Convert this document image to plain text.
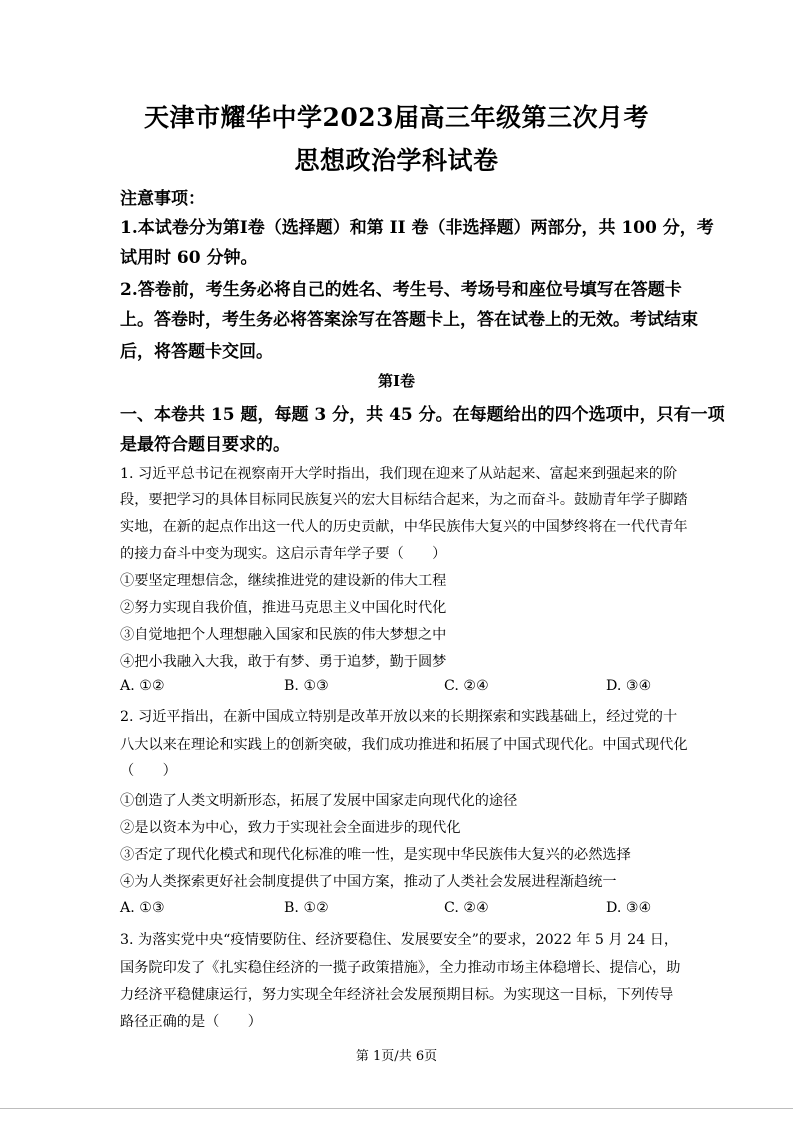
天津市耀华中学2023届高三年级第三次月考
思想政治学科试卷
注意事项：
1.本试卷分为第Ⅰ卷（选择题）和第 II 卷（非选择题）两部分，共 100 分，考
试用时 60 分钟。
2.答卷前，考生务必将自己的姓名、考生号、考场号和座位号填写在答题卡
上。答卷时，考生务必将答案涂写在答题卡上，答在试卷上的无效。考试结束
后，将答题卡交回。
第Ⅰ卷
一、本卷共 15 题，每题 3 分，共 45 分。在每题给出的四个选项中，只有一项
是最符合题目要求的。
1. 习近平总书记在视察南开大学时指出，我们现在迎来了从站起来、富起来到强起来的阶
段，要把学习的具体目标同民族复兴的宏大目标结合起来，为之而奋斗。鼓励青年学子脚踏
实地，在新的起点作出这一代人的历史贡献，中华民族伟大复兴的中国梦终将在一代代青年
的接力奋斗中变为现实。这启示青年学子要（　　）
①要坚定理想信念，继续推进党的建设新的伟大工程
②努力实现自我价值，推进马克思主义中国化时代化
③自觉地把个人理想融入国家和民族的伟大梦想之中
④把小我融入大我，敢于有梦、勇于追梦，勤于圆梦
A. ①②	B. ①③	C. ②④	D. ③④
2. 习近平指出，在新中国成立特别是改革开放以来的长期探索和实践基础上，经过党的十
八大以来在理论和实践上的创新突破，我们成功推进和拓展了中国式现代化。中国式现代化
（　　）
①创造了人类文明新形态，拓展了发展中国家走向现代化的途径
②是以资本为中心，致力于实现社会全面进步的现代化
③否定了现代化模式和现代化标准的唯一性，是实现中华民族伟大复兴的必然选择
④为人类探索更好社会制度提供了中国方案，推动了人类社会发展进程渐趋统一
A. ①③	B. ①②	C. ②④	D. ③④
3. 为落实党中央“疫情要防住、经济要稳住、发展要安全”的要求，2022 年 5 月 24 日，
国务院印发了《扎实稳住经济的一揽子政策措施》，全力推动市场主体稳增长、提信心，助
力经济平稳健康运行，努力实现全年经济社会发展预期目标。为实现这一目标，下列传导
路径正确的是（　　）
第 1页/共 6页
